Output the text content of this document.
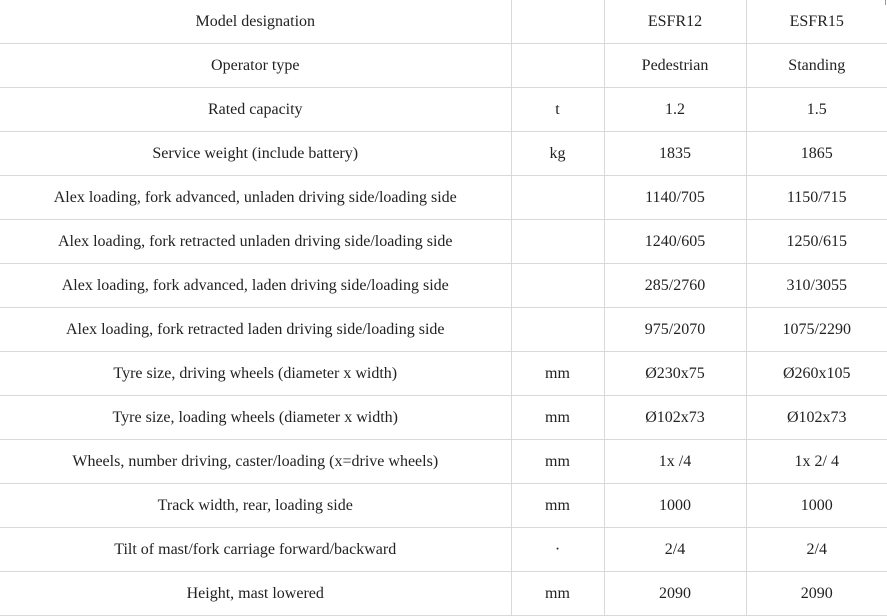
Model designation		ESFR12	ESFR15
Operator type		Pedestrian	Standing
Rated capacity	t	1.2	1.5
Service weight (include battery)	kg	1835	1865
Alex loading, fork advanced, unladen driving side/loading side		1140/705	1150/715
Alex loading, fork retracted unladen driving side/loading side		1240/605	1250/615
Alex loading, fork advanced, laden driving side/loading side		285/2760	310/3055
Alex loading, fork retracted laden driving side/loading side		975/2070	1075/2290
Tyre size, driving wheels (diameter x width)	mm	Ø230x75	Ø260x105
Tyre size, loading wheels (diameter x width)	mm	Ø102x73	Ø102x73
Wheels, number driving, caster/loading (x=drive wheels)	mm	1x /4	1x 2/ 4
Track width, rear, loading side	mm	1000	1000
Tilt of mast/fork carriage forward/backward	·	2/4	2/4
Height, mast lowered	mm	2090	2090
